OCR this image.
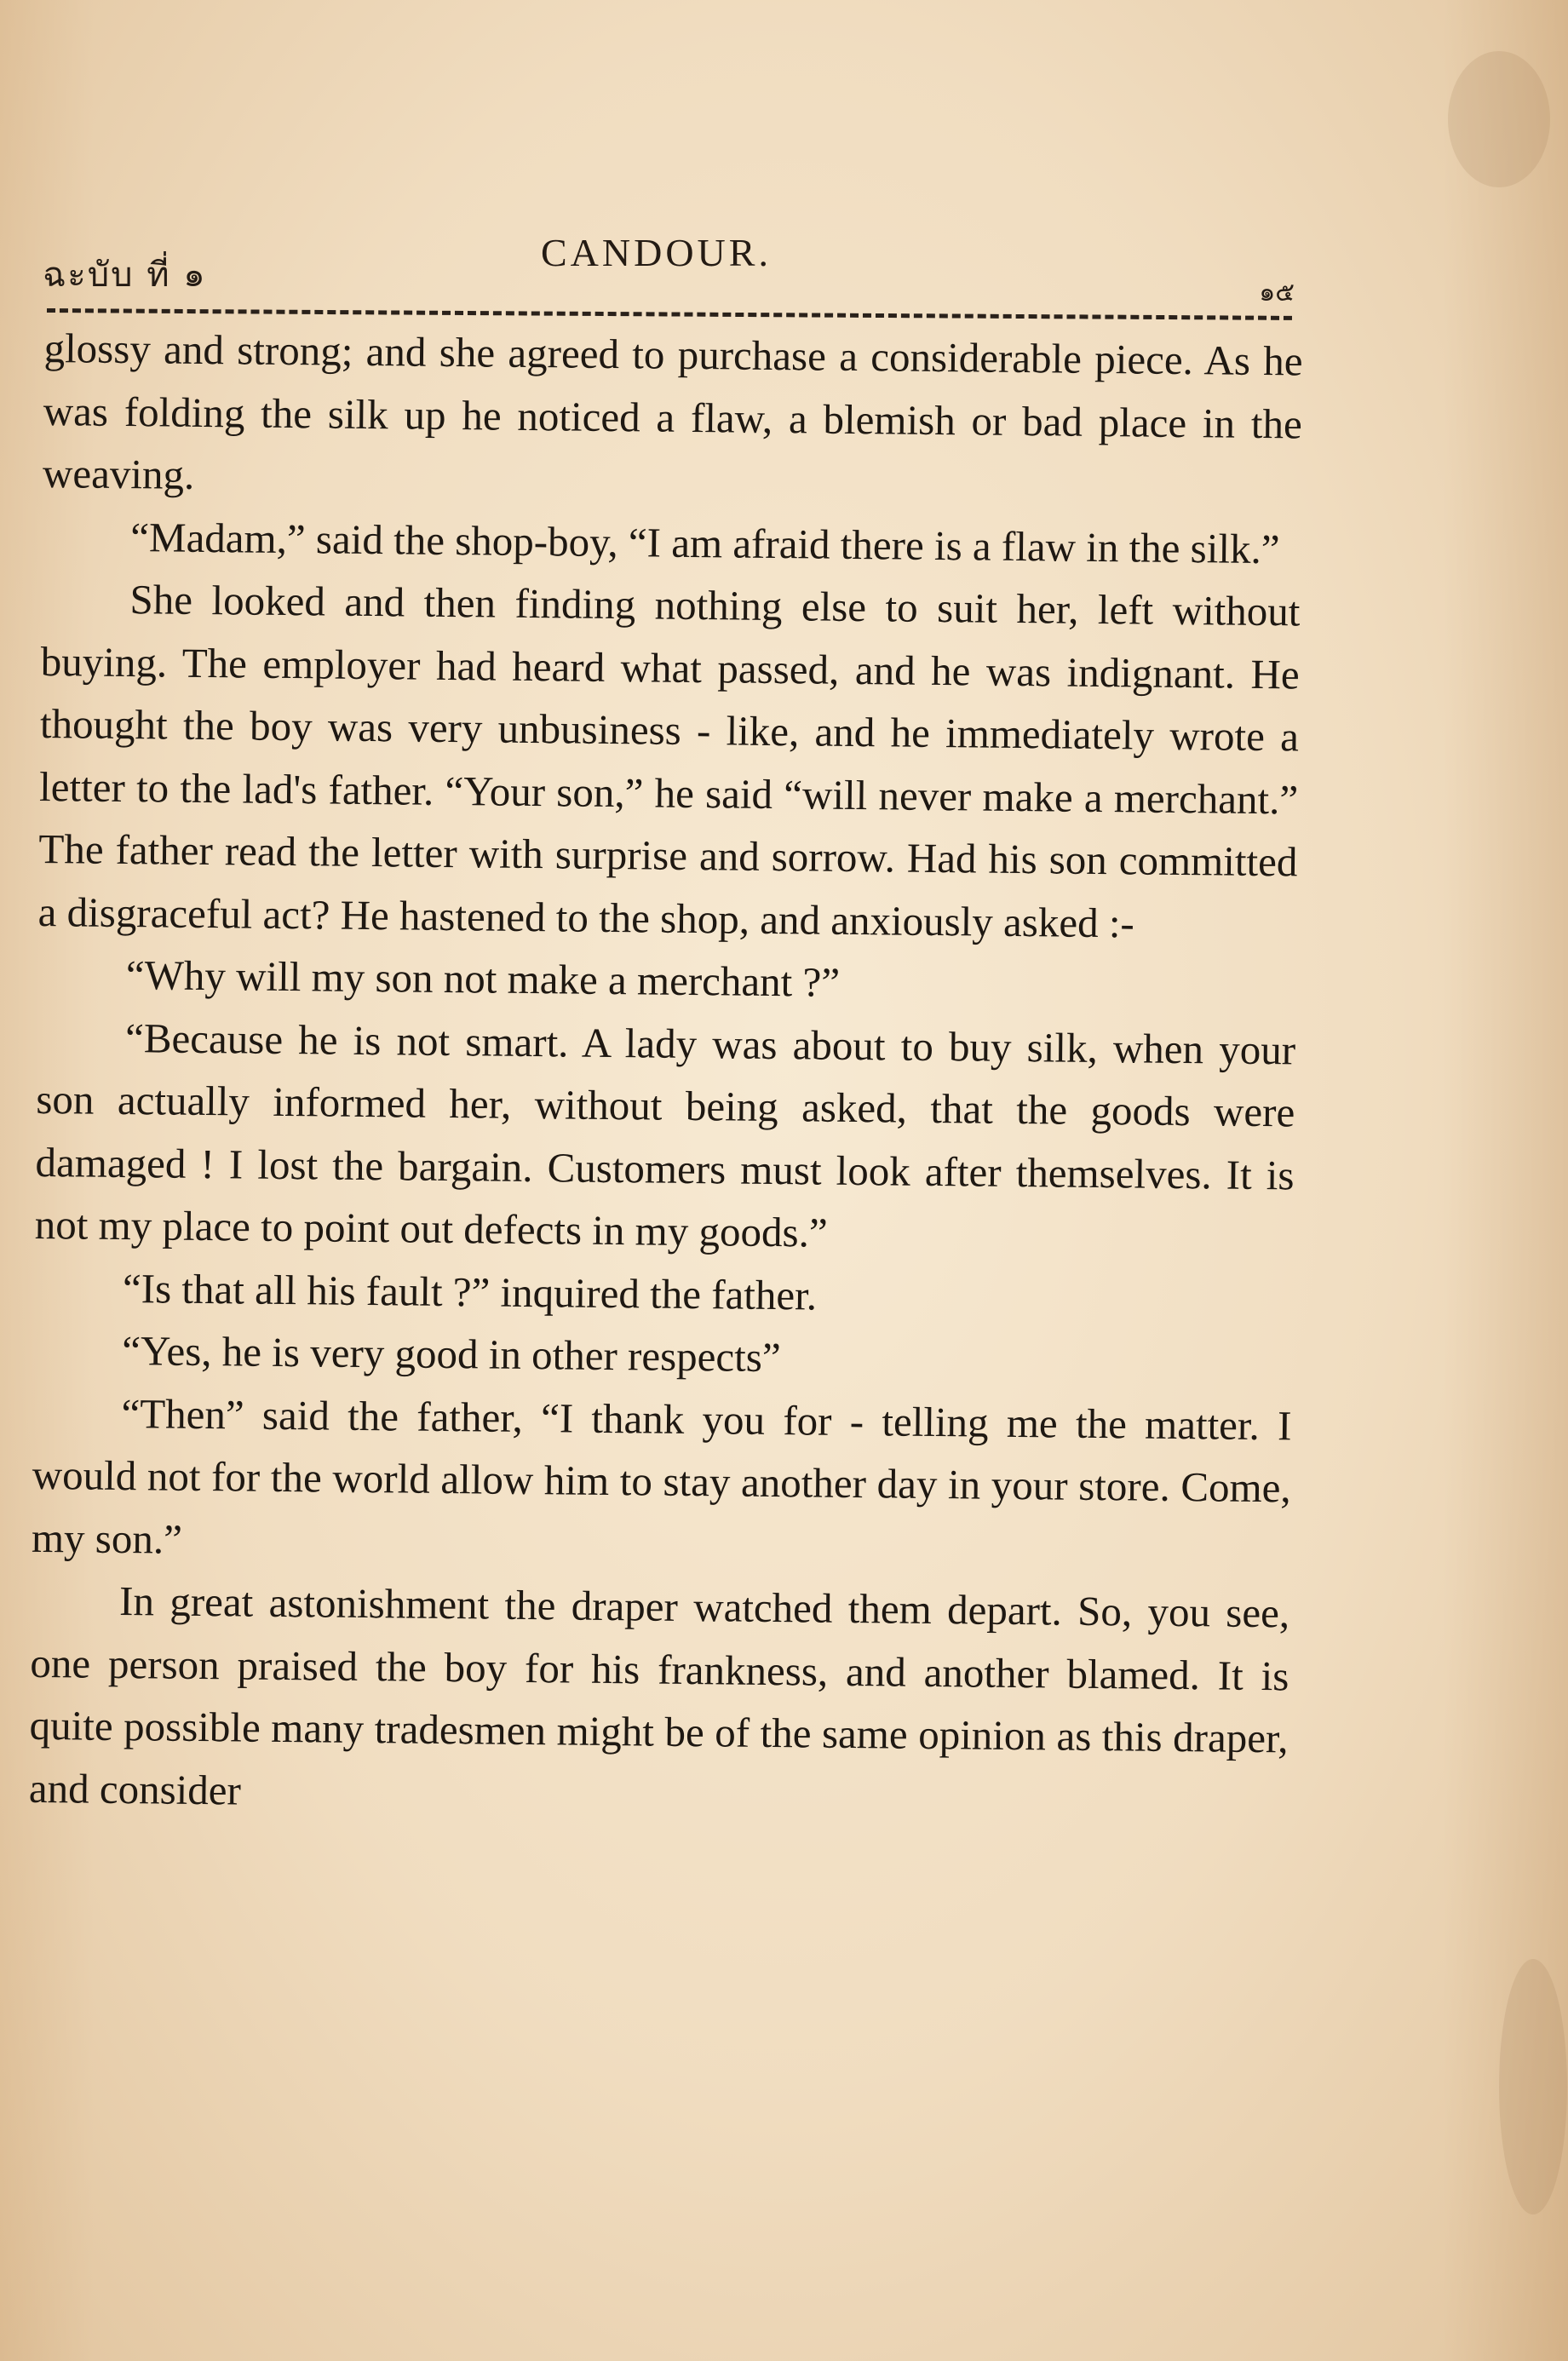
ฉะบับ ที่ ๑
CANDOUR.
๑๕

glossy and strong; and she agreed to purchase a considerable piece. As he was folding the silk up he noticed a flaw, a blemish or bad place in the weaving.

“Madam,” said the shop-boy, “I am afraid there is a flaw in the silk.”

She looked and then finding nothing else to suit her, left without buying. The employer had heard what passed, and he was indignant. He thought the boy was very unbusiness - like, and he immediately wrote a letter to the lad's father. “Your son,” he said “will never make a merchant.” The father read the letter with surprise and sorrow. Had his son committed a disgraceful act? He hastened to the shop, and anxiously asked :-

“Why will my son not make a merchant ?”

“Because he is not smart. A lady was about to buy silk, when your son actually informed her, without being asked, that the goods were damaged ! I lost the bargain. Customers must look after themselves. It is not my place to point out defects in my goods.”

“Is that all his fault ?” inquired the father.

“Yes, he is very good in other respects”

“Then” said the father, “I thank you for - telling me the matter. I would not for the world allow him to stay another day in your store. Come, my son.”

In great astonishment the draper watched them depart. So, you see, one person praised the boy for his frankness, and another blamed. It is quite possible many tradesmen might be of the same opinion as this draper, and consider
